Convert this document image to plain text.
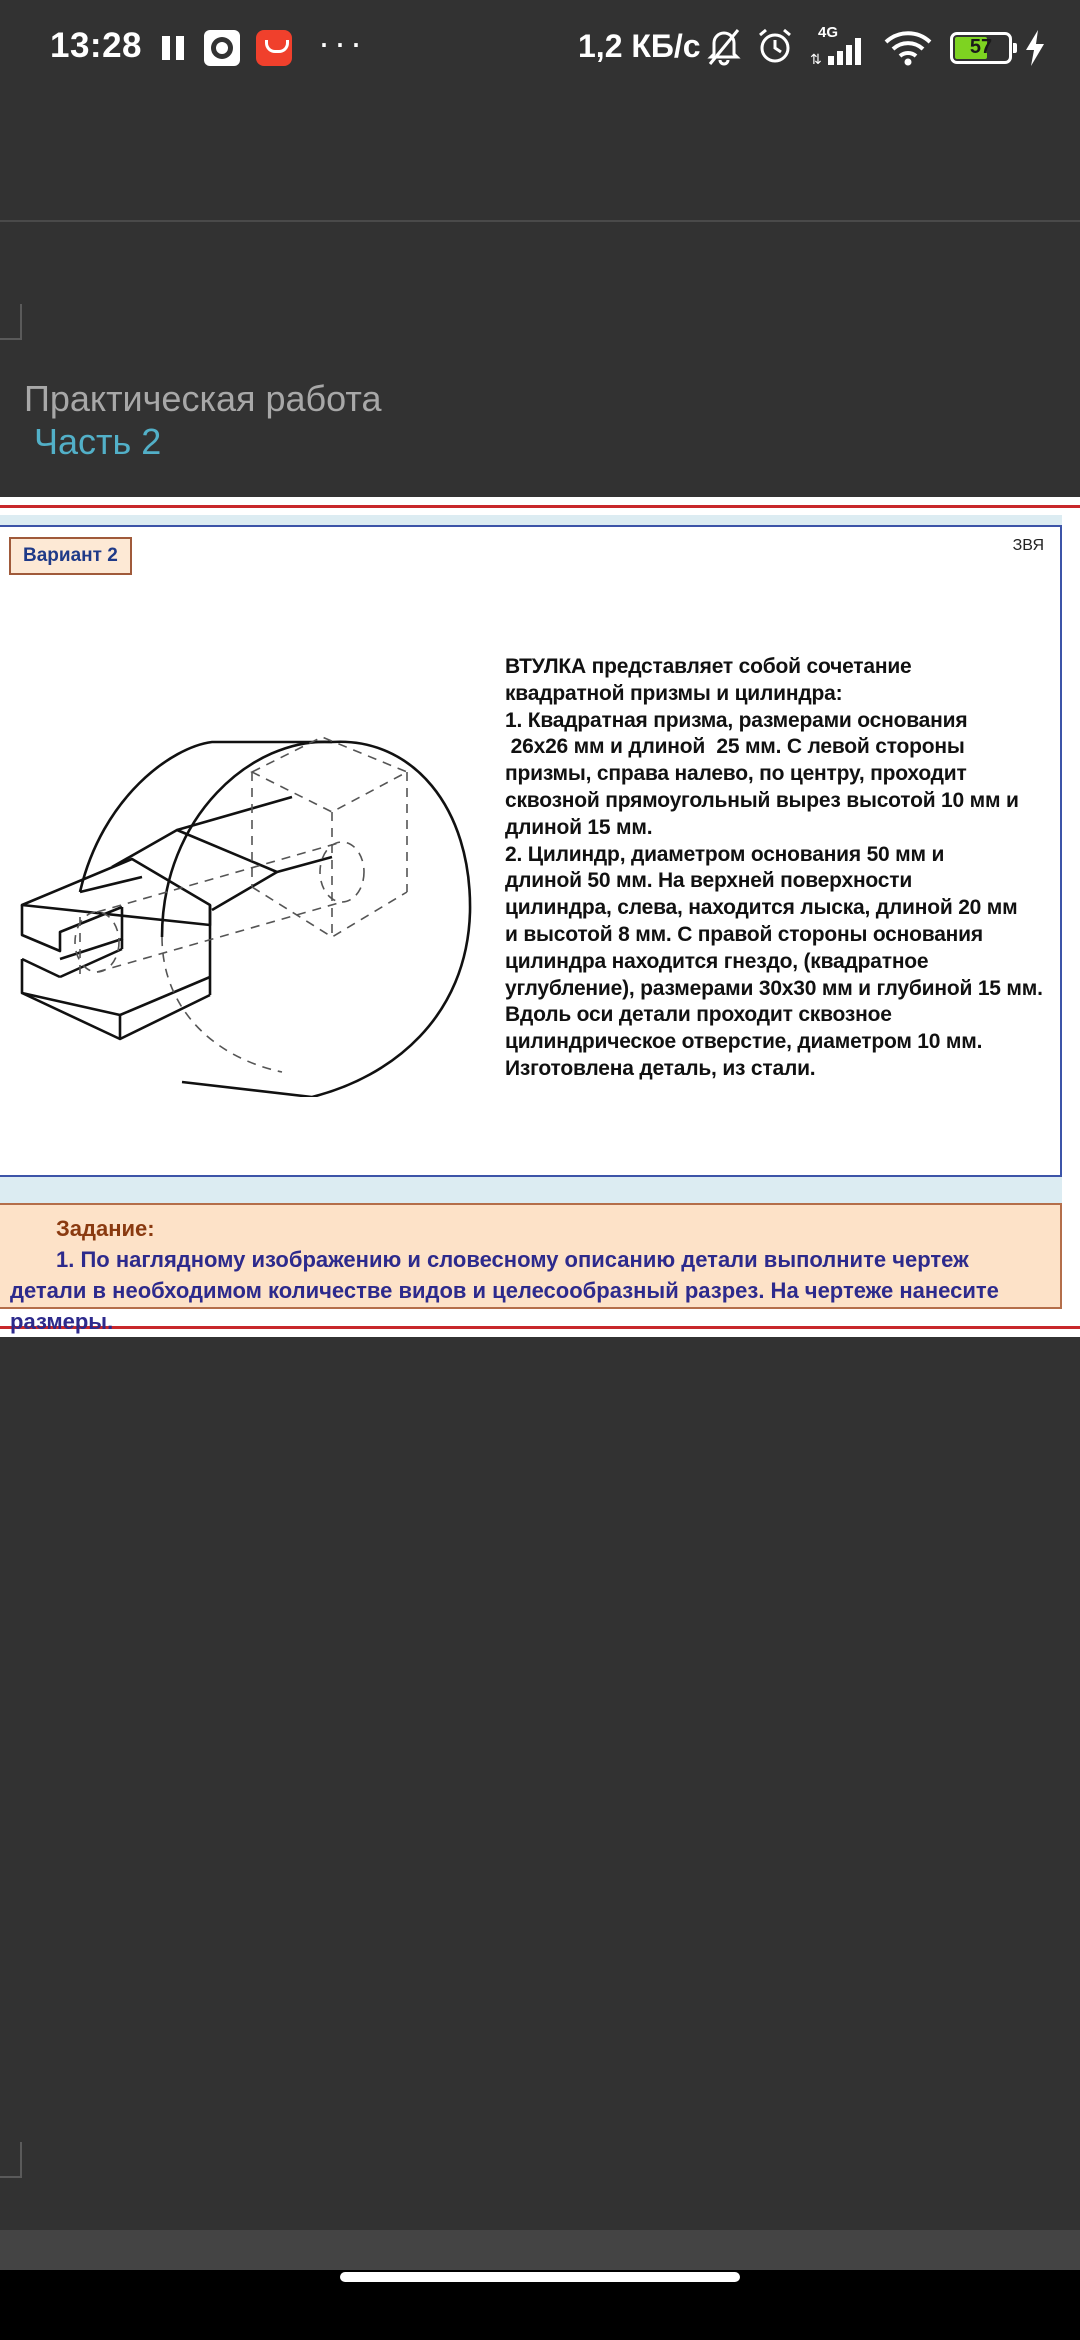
13:28	···	1,2 КБ/с	4G
⇅
57
Практическая работа
Часть 2
Вариант 2	ЗВЯ
ВТУЛКА представляет собой сочетание
квадратной призмы и цилиндра:
1. Квадратная призма, размерами основания
26х26 мм и длиной  25 мм. С левой стороны
призмы, справа налево, по центру, проходит
сквозной прямоугольный вырез высотой 10 мм и
длиной 15 мм.
2. Цилиндр, диаметром основания 50 мм и
длиной 50 мм. На верхней поверхности
цилиндра, слева, находится лыска, длиной 20 мм
и высотой 8 мм. С правой стороны основания
цилиндра находится гнездо, (квадратное
углубление), размерами 30х30 мм и глубиной 15 мм.
Вдоль оси детали проходит сквозное
цилиндрическое отверстие, диаметром 10 мм.
Изготовлена деталь, из стали.
Задание:
1. По наглядному изображению и словесному описанию детали выполните чертеж детали в необходимом количестве видов и целесообразный разрез. На чертеже нанесите размеры.
